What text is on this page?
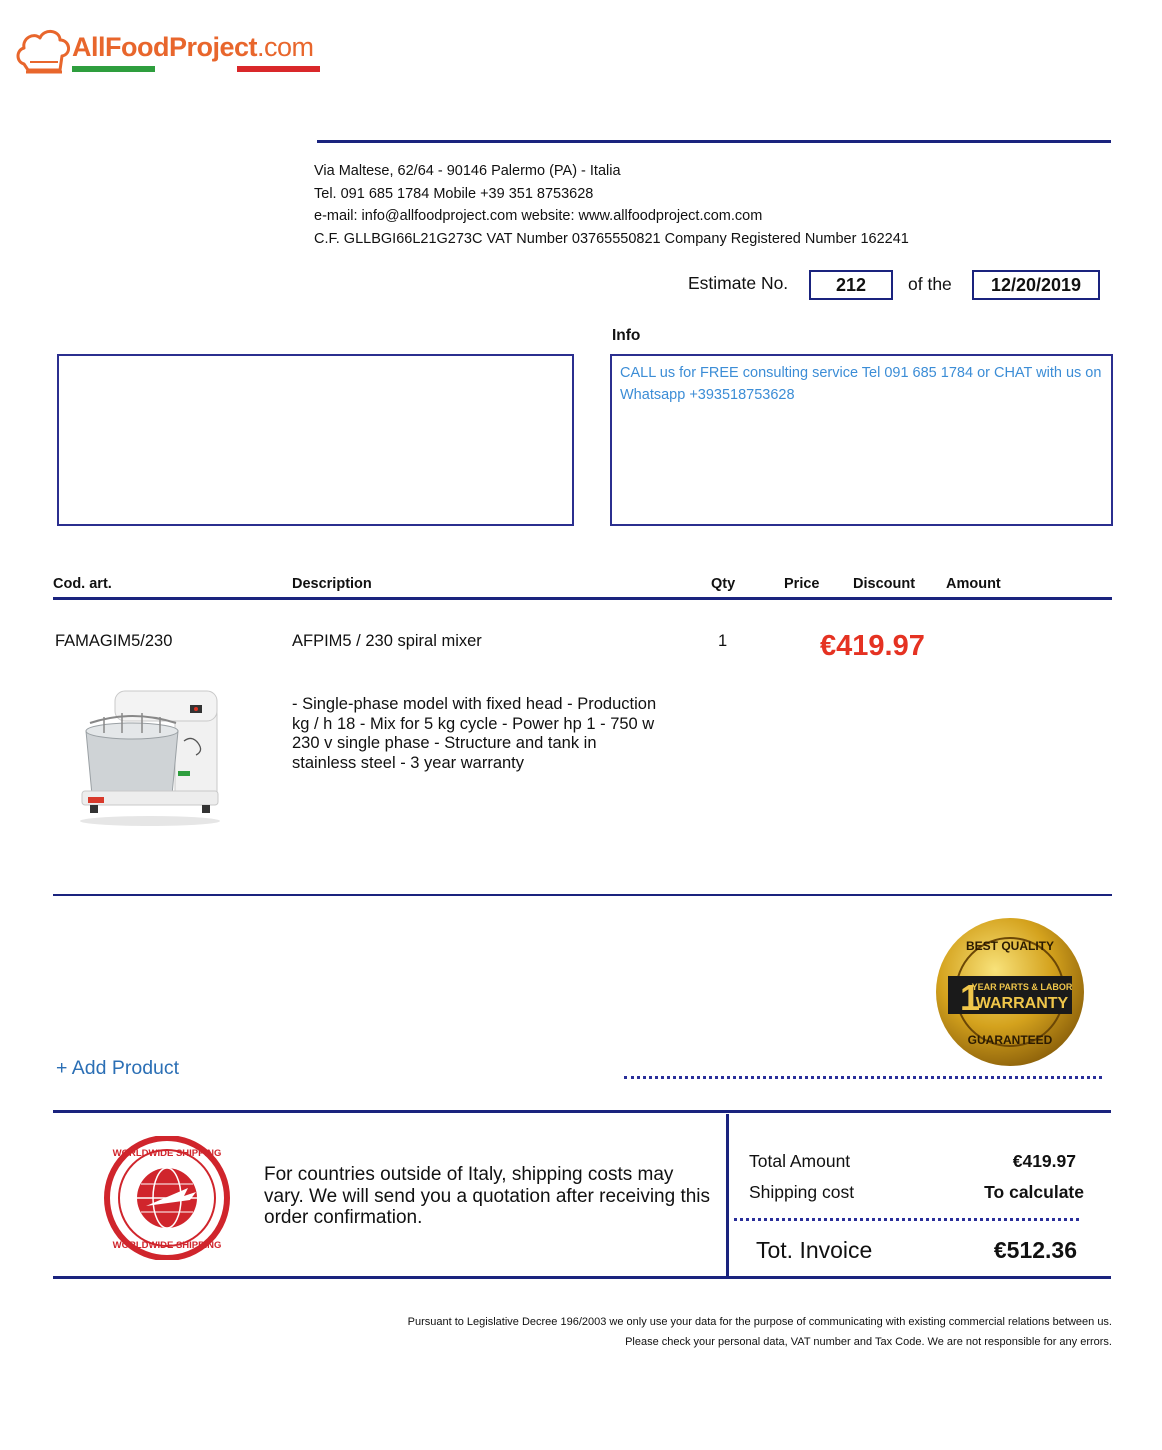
AllFoodProject.com
Via Maltese, 62/64 - 90146 Palermo (PA) - Italia
Tel. 091 685 1784 Mobile +39 351 8753628
e-mail: info@allfoodproject.com website: www.allfoodproject.com.com
C.F. GLLBGI66L21G273C VAT Number 03765550821 Company Registered Number 162241
Estimate No.	212	of the	12/20/2019
Info
CALL us for FREE consulting service Tel 091 685 1784 or CHAT with us on Whatsapp +393518753628
Cod. art.	Description	Qty	Price Discount Amount
FAMAGIM5/230	AFPIM5 / 230 spiral mixer	1	€419.97
- Single-phase model with fixed head - Production kg / h 18 - Mix for 5 kg cycle - Power hp 1 - 750 w 230 v single phase - Structure and tank in stainless steel - 3 year warranty
BEST QUALITY
1
YEAR PARTS & LABOR
WARRANTY
GUARANTEED
+ Add Product
WORLDWIDE SHIPPING
WORLDWIDE SHIPPING
For countries outside of Italy, shipping costs may vary. We will send you a quotation after receiving this order confirmation.
Total Amount	€419.97
Shipping cost	To calculate
Tot. Invoice	€512.36
Pursuant to Legislative Decree 196/2003 we only use your data for the purpose of communicating with existing commercial relations between us.
Please check your personal data, VAT number and Tax Code. We are not responsible for any errors.
